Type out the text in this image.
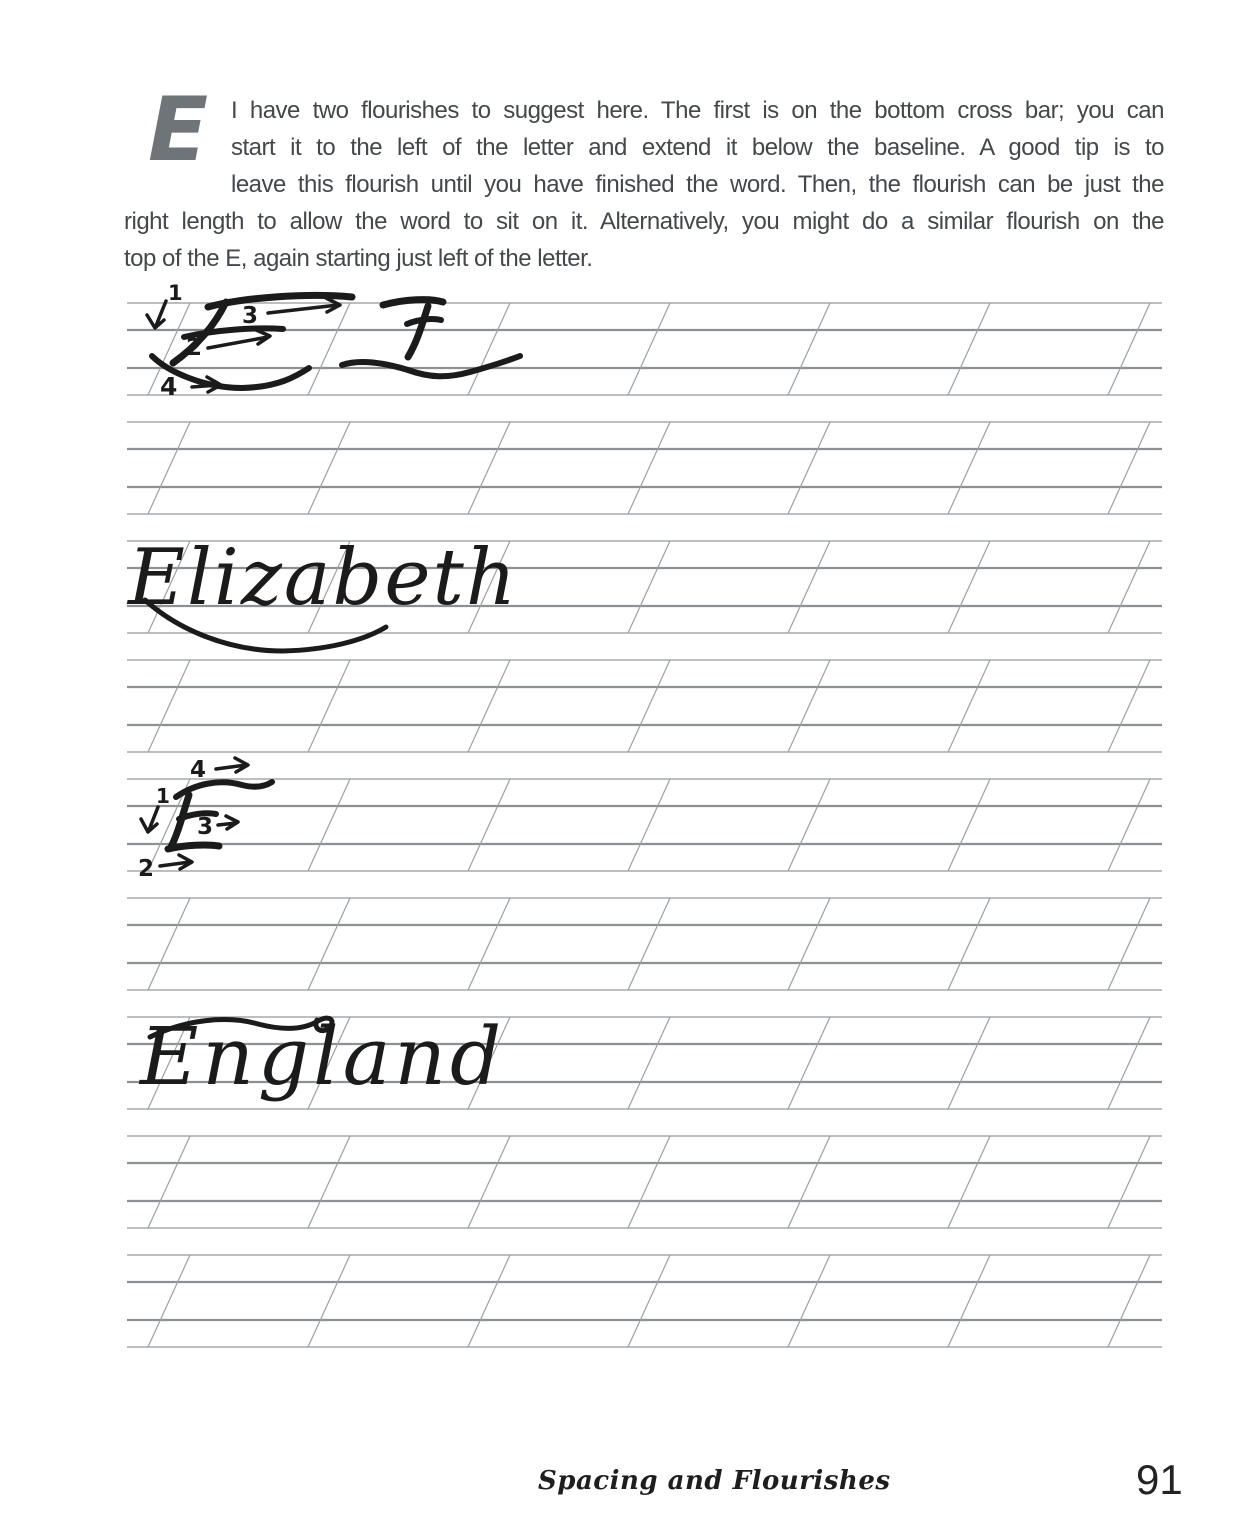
E I have two flourishes to suggest here. The first is on the bottom cross bar; you can
start it to the left of the letter and extend it below the baseline. A good tip is to
leave this flourish until you have finished the word. Then, the flourish can be just the
right length to allow the word to sit on it. Alternatively, you might do a similar flourish on the
top of the E, again starting just left of the letter.
1
2
3
4
Elizabeth
4
1
3
2
England
Spacing and Flourishes	91
